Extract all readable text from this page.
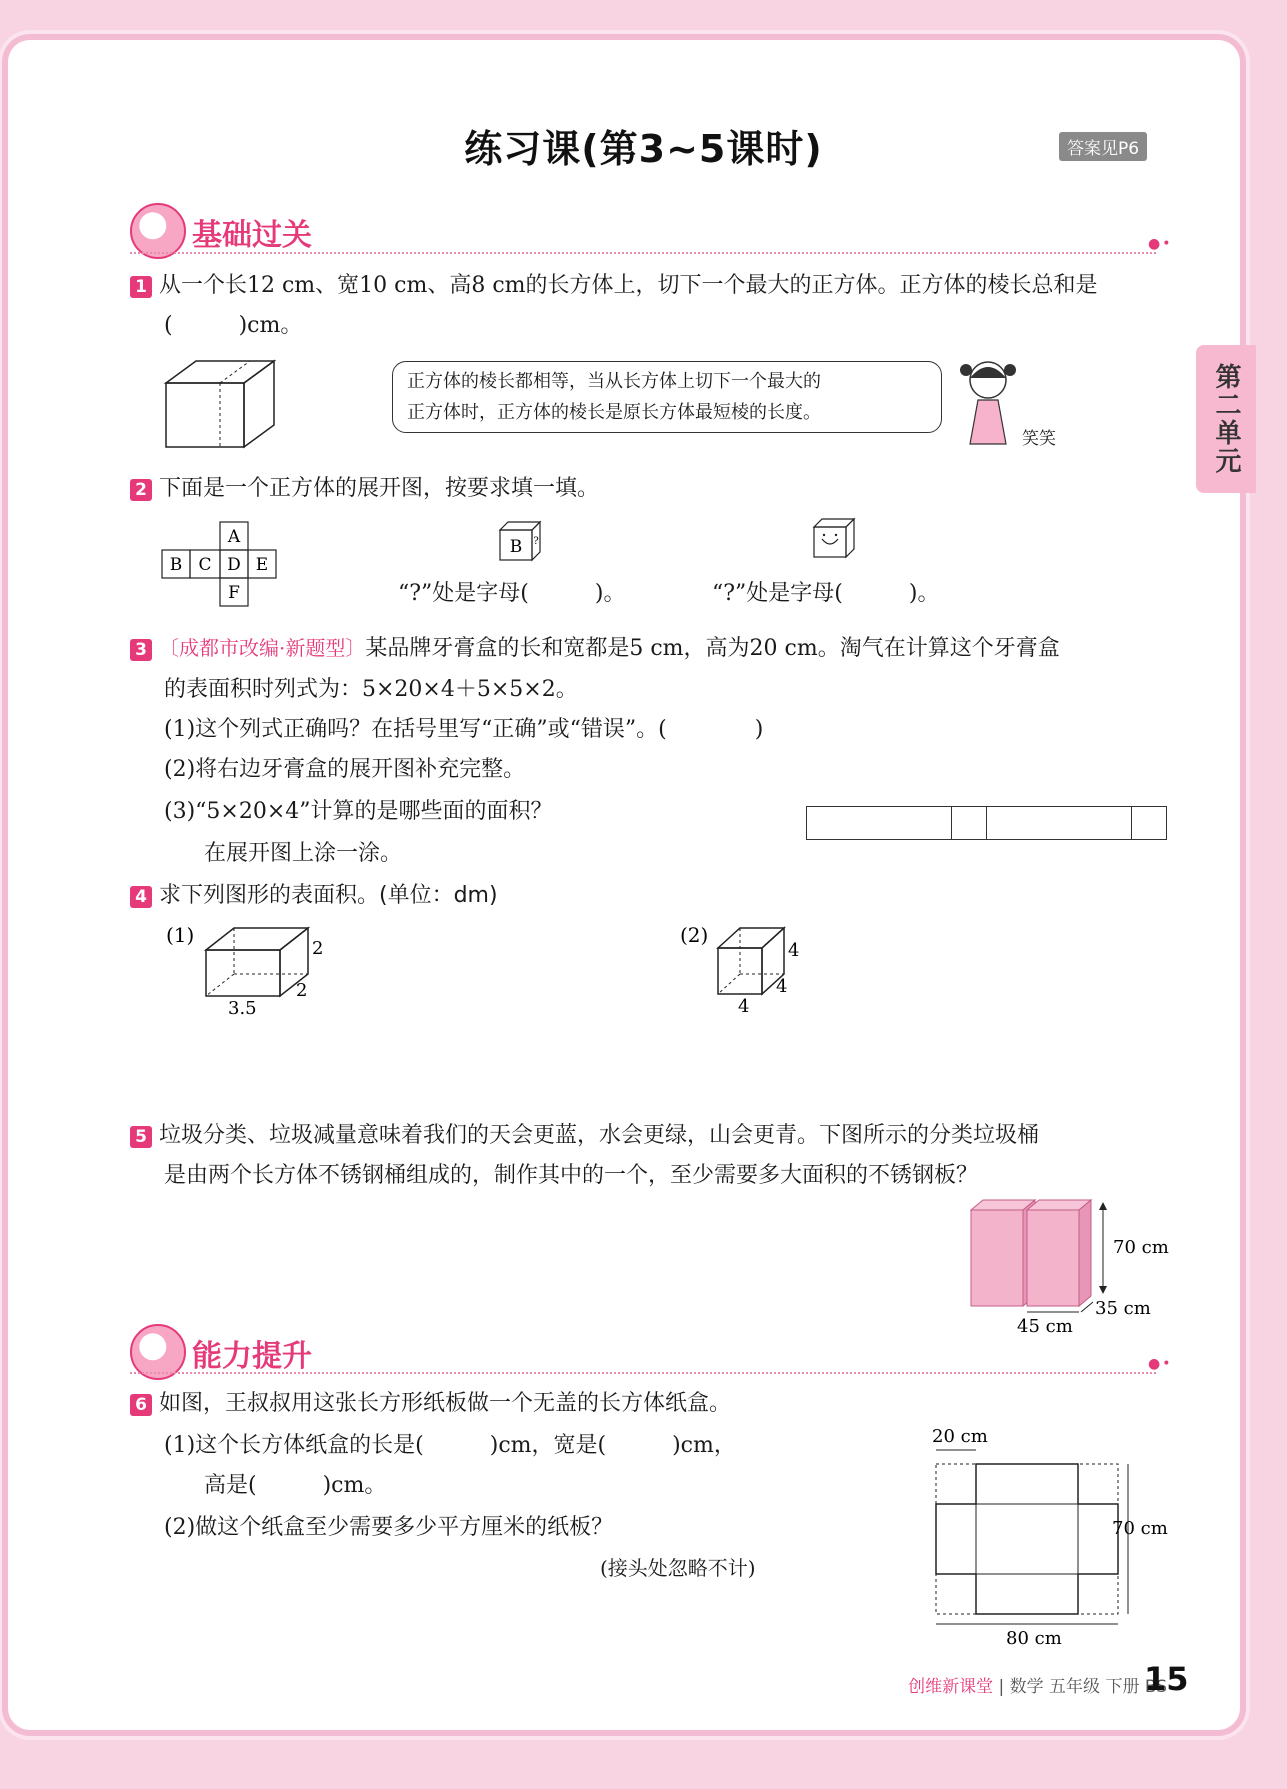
练习课(第3~5课时)	答案见P6
第二单元
基础过关	●•
1 从一个长12 cm、宽10 cm、高8 cm的长方体上，切下一个最大的正方体。正方体的棱长总和是
(　　　)cm。
正方体的棱长都相等，当从长方体上切下一个最大的
正方体时，正方体的棱长是原长方体最短棱的长度。
笑笑
2 下面是一个正方体的展开图，按要求填一填。
A
B C D E
F
B ?
“?”处是字母(　　　)。	“?”处是字母(　　　)。
3 〔成都市改编·新题型〕某品牌牙膏盒的长和宽都是5 cm，高为20 cm。淘气在计算这个牙膏盒
的表面积时列式为：5×20×4＋5×5×2。
(1)这个列式正确吗？在括号里写“正确”或“错误”。(　　　　)
(2)将右边牙膏盒的展开图补充完整。
(3)“5×20×4”计算的是哪些面的面积？
在展开图上涂一涂。
4 求下列图形的表面积。(单位：dm)
(1)
2
2
3.5
(2)
4
4
4
5 垃圾分类、垃圾减量意味着我们的天会更蓝，水会更绿，山会更青。下图所示的分类垃圾桶
是由两个长方体不锈钢桶组成的，制作其中的一个，至少需要多大面积的不锈钢板？
70 cm
35 cm
45 cm
能力提升	●•
6 如图，王叔叔用这张长方形纸板做一个无盖的长方体纸盒。
(1)这个长方体纸盒的长是(　　　)cm，宽是(　　　)cm，
高是(　　　)cm。
(2)做这个纸盒至少需要多少平方厘米的纸板？
(接头处忽略不计)
20 cm
70 cm
80 cm
创维新课堂 | 数学 五年级 下册 BS
15
